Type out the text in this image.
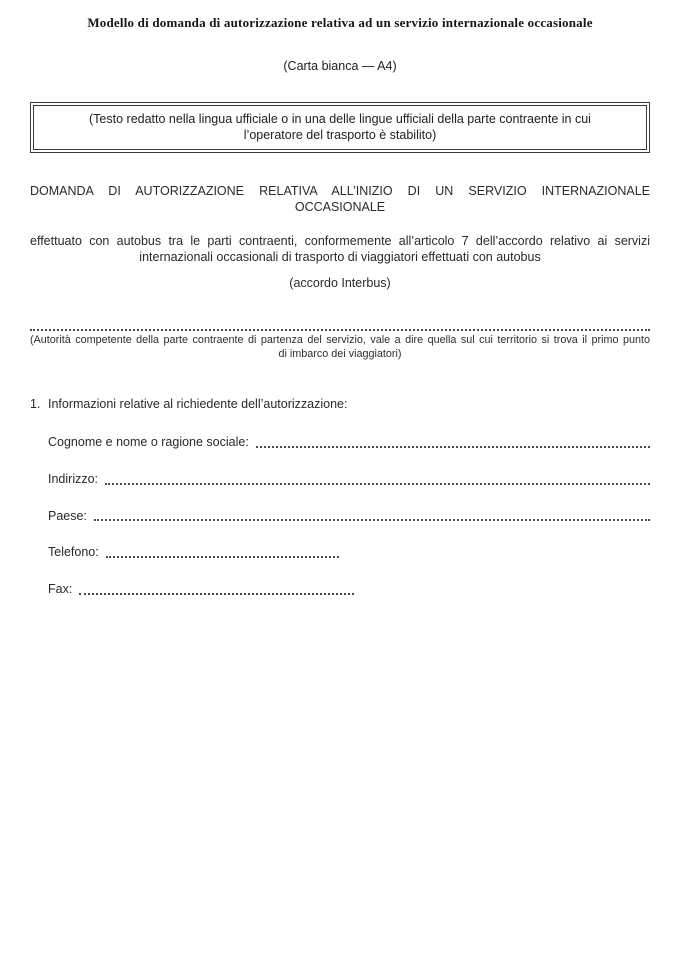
Modello di domanda di autorizzazione relativa ad un servizio internazionale occasionale
(Carta bianca — A4)
(Testo redatto nella lingua ufficiale o in una delle lingue ufficiali della parte contraente in cui
l’operatore del trasporto è stabilito)
DOMANDA DI AUTORIZZAZIONE RELATIVA ALL’INIZIO DI UN SERVIZIO INTERNAZIONALE
OCCASIONALE
effettuato con autobus tra le parti contraenti, conformemente all’articolo 7 dell’accordo relativo ai servizi
internazionali occasionali di trasporto di viaggiatori effettuati con autobus
(accordo Interbus)
(Autorità competente della parte contraente di partenza del servizio, vale a dire quella sul cui territorio si trova il primo punto
di imbarco dei viaggiatori)
1. Informazioni relative al richiedente dell’autorizzazione:
Cognome e nome o ragione sociale:
Indirizzo:
Paese:
Telefono:
Fax:
